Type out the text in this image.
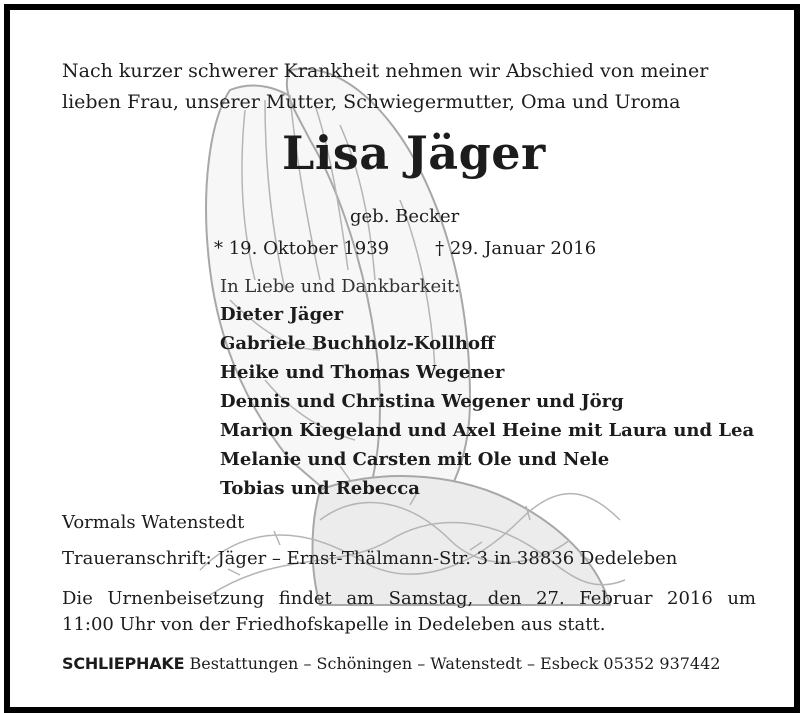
Nach kurzer schwerer Krankheit nehmen wir Abschied von meiner
lieben Frau, unserer Mutter, Schwiegermutter, Oma und Uroma
Lisa Jäger
geb. Becker
* 19. Oktober 1939	† 29. Januar 2016
In Liebe und Dankbarkeit:
Dieter Jäger
Gabriele Buchholz-Kollhoff
Heike und Thomas Wegener
Dennis und Christina Wegener und Jörg
Marion Kiegeland und Axel Heine mit Laura und Lea
Melanie und Carsten mit Ole und Nele
Tobias und Rebecca
Vormals Watenstedt
Traueranschrift: Jäger – Ernst-Thälmann-Str. 3 in 38836 Dedeleben
Die Urnenbeisetzung findet am Samstag, den 27. Februar 2016 um
11:00 Uhr von der Friedhofskapelle in Dedeleben aus statt.
SCHLIEPHAKE Bestattungen – Schöningen – Watenstedt – Esbeck 05352 937442
